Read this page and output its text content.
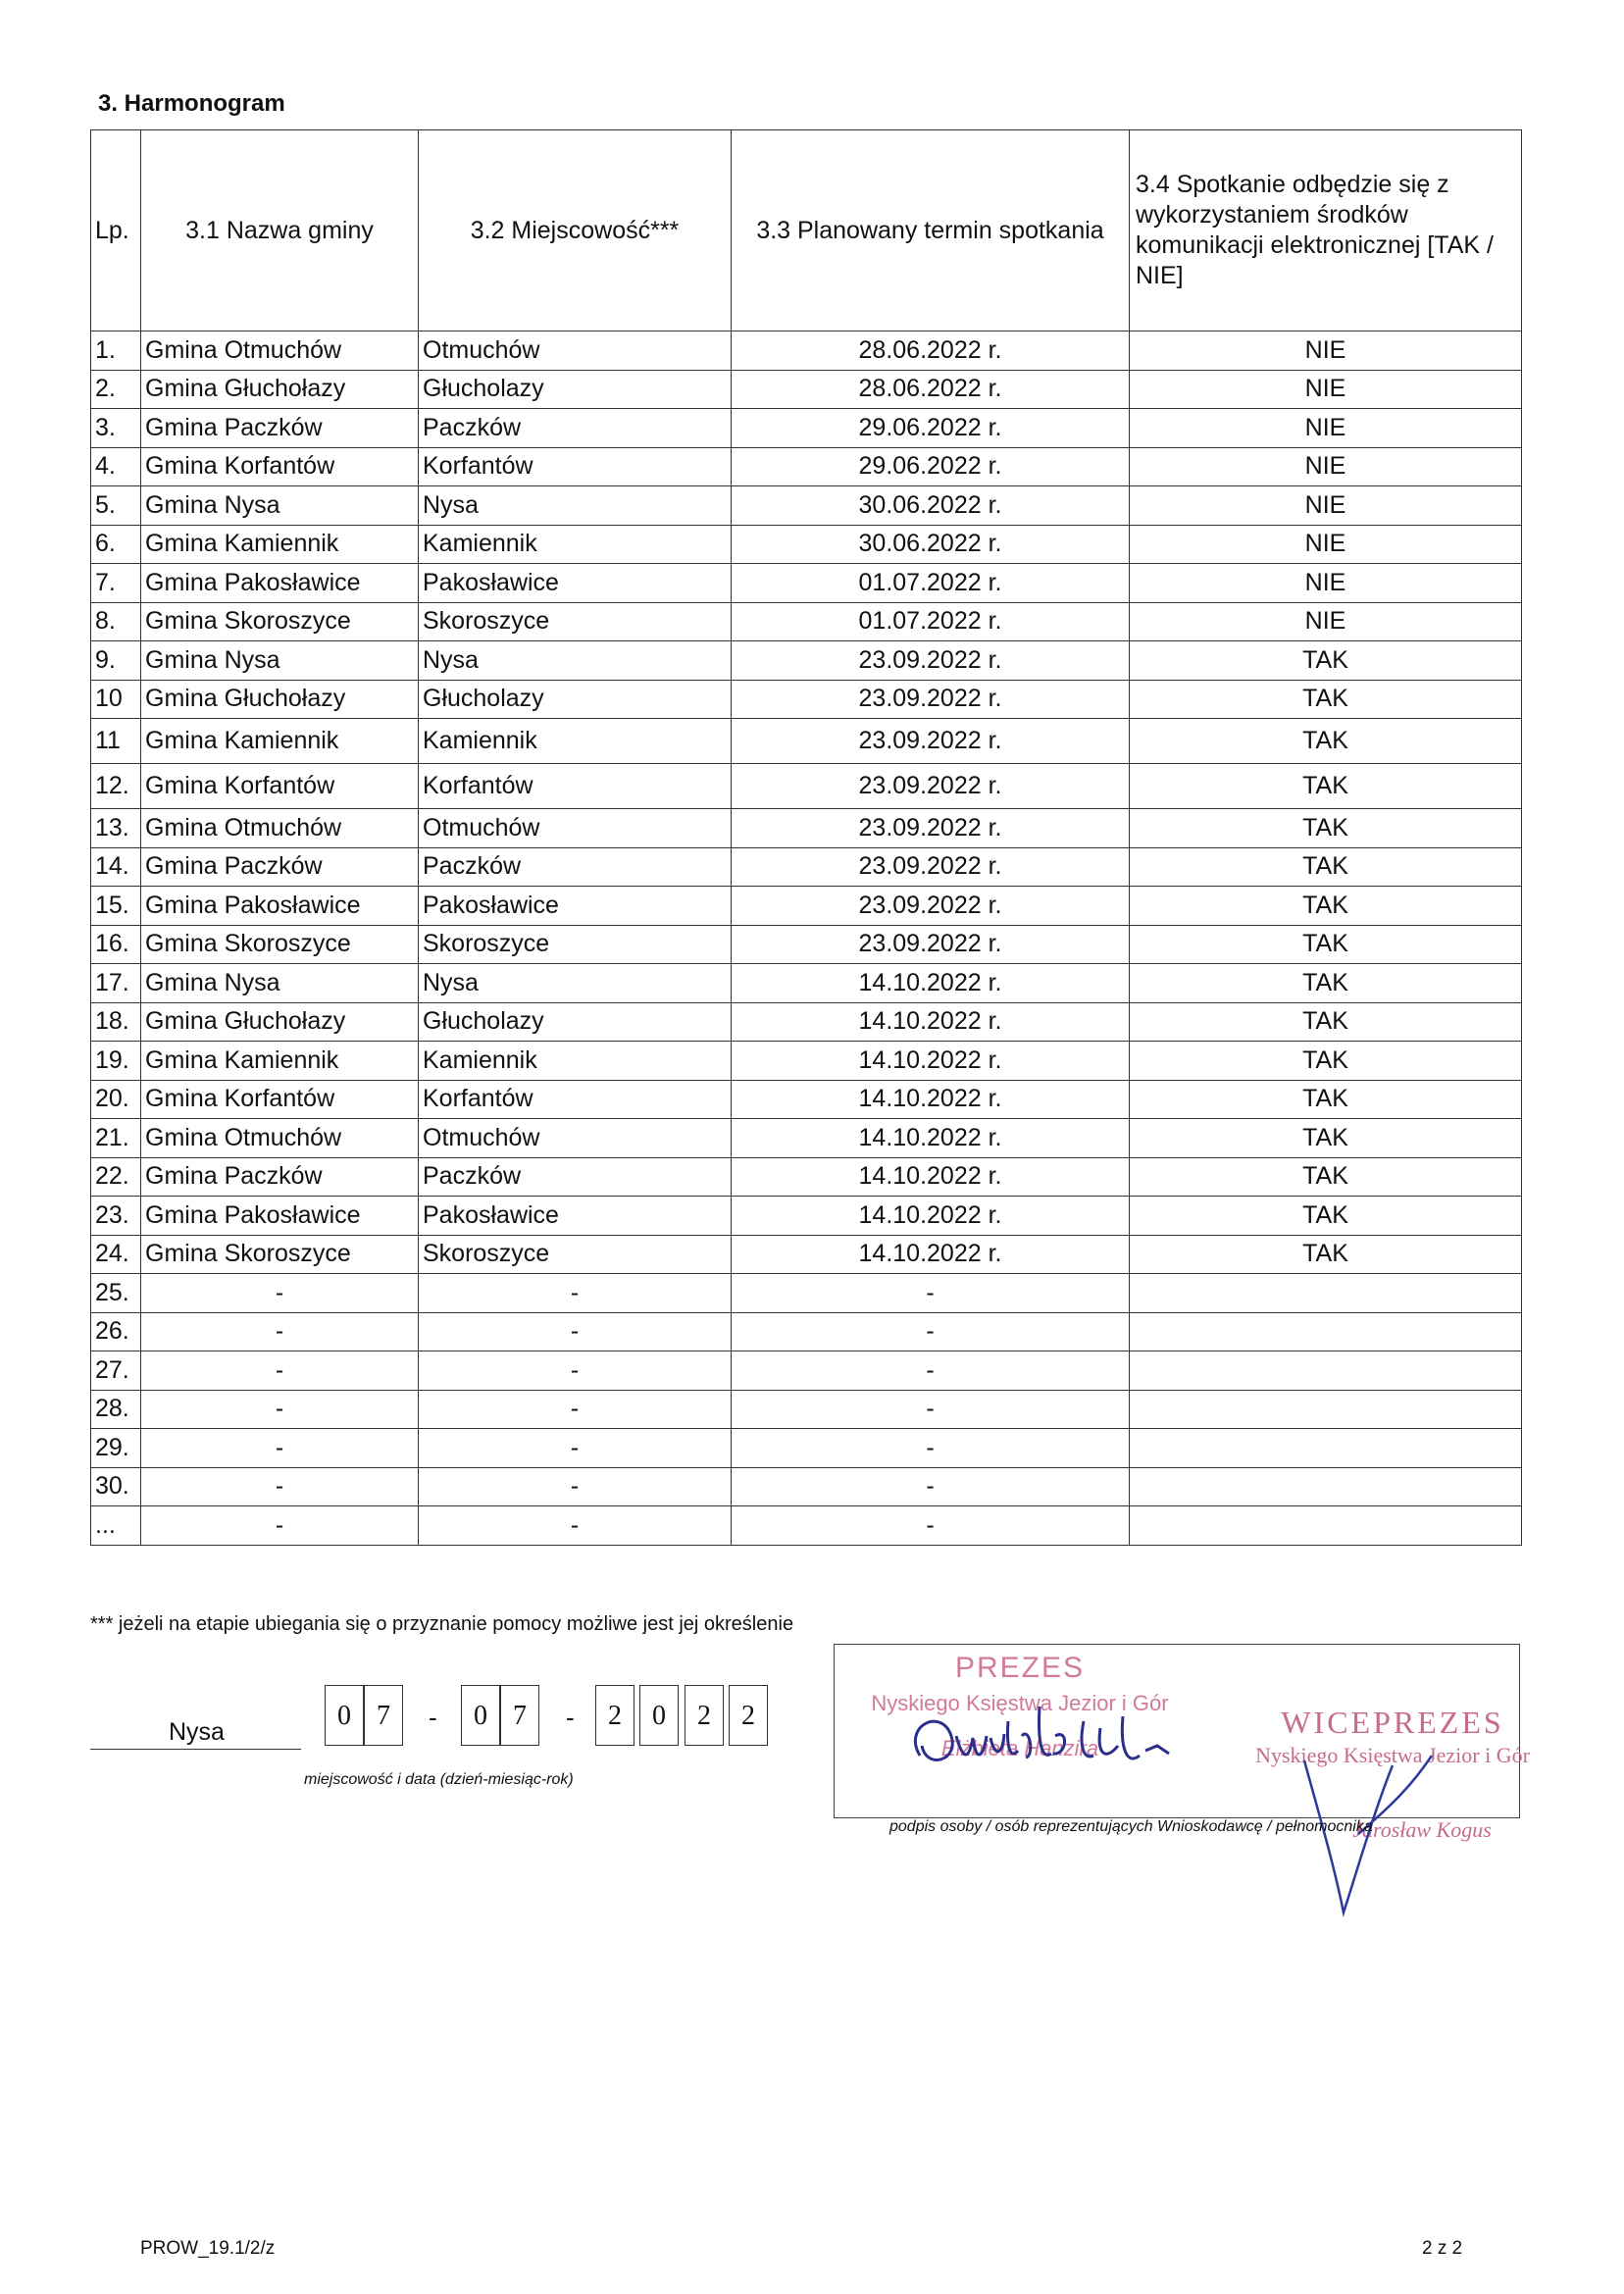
3. Harmonogram
Lp.	3.1 Nazwa gminy	3.2 Miejscowość***	3.3 Planowany termin spotkania	3.4 Spotkanie odbędzie się z wykorzystaniem środków komunikacji elektronicznej [TAK / NIE]
1.	Gmina Otmuchów	Otmuchów	28.06.2022 r.	NIE
2.	Gmina Głuchołazy	Głucholazy	28.06.2022 r.	NIE
3.	Gmina Paczków	Paczków	29.06.2022 r.	NIE
4.	Gmina Korfantów	Korfantów	29.06.2022 r.	NIE
5.	Gmina Nysa	Nysa	30.06.2022 r.	NIE
6.	Gmina Kamiennik	Kamiennik	30.06.2022 r.	NIE
7.	Gmina Pakosławice	Pakosławice	01.07.2022 r.	NIE
8.	Gmina Skoroszyce	Skoroszyce	01.07.2022 r.	NIE
9.	Gmina Nysa	Nysa	23.09.2022 r.	TAK
10	Gmina Głuchołazy	Głucholazy	23.09.2022 r.	TAK
11	Gmina Kamiennik	Kamiennik	23.09.2022 r.	TAK
12.	Gmina Korfantów	Korfantów	23.09.2022 r.	TAK
13.	Gmina Otmuchów	Otmuchów	23.09.2022 r.	TAK
14.	Gmina Paczków	Paczków	23.09.2022 r.	TAK
15.	Gmina Pakosławice	Pakosławice	23.09.2022 r.	TAK
16.	Gmina Skoroszyce	Skoroszyce	23.09.2022 r.	TAK
17.	Gmina Nysa	Nysa	14.10.2022 r.	TAK
18.	Gmina Głuchołazy	Głucholazy	14.10.2022 r.	TAK
19.	Gmina Kamiennik	Kamiennik	14.10.2022 r.	TAK
20.	Gmina Korfantów	Korfantów	14.10.2022 r.	TAK
21.	Gmina Otmuchów	Otmuchów	14.10.2022 r.	TAK
22.	Gmina Paczków	Paczków	14.10.2022 r.	TAK
23.	Gmina Pakosławice	Pakosławice	14.10.2022 r.	TAK
24.	Gmina Skoroszyce	Skoroszyce	14.10.2022 r.	TAK
25.	-	-	-	
26.	-	-	-	
27.	-	-	-	
28.	-	-	-	
29.	-	-	-	
30.	-	-	-	
...	-	-	-	
*** jeżeli na etapie ubiegania się o przyznanie pomocy możliwe jest jej określenie
Nysa
0 7	-	0 7	-	2	0	2	2
miejscowość i data (dzień-miesiąc-rok)
PREZES
Nyskiego Księstwa Jezior i Gór
Elżbieta Hanzira
WICEPREZES
Nyskiego Księstwa Jezior i Gór
Jarosław Kogus
podpis osoby / osób reprezentujących Wnioskodawcę / pełnomocnika
PROW_19.1/2/z	2 z 2
